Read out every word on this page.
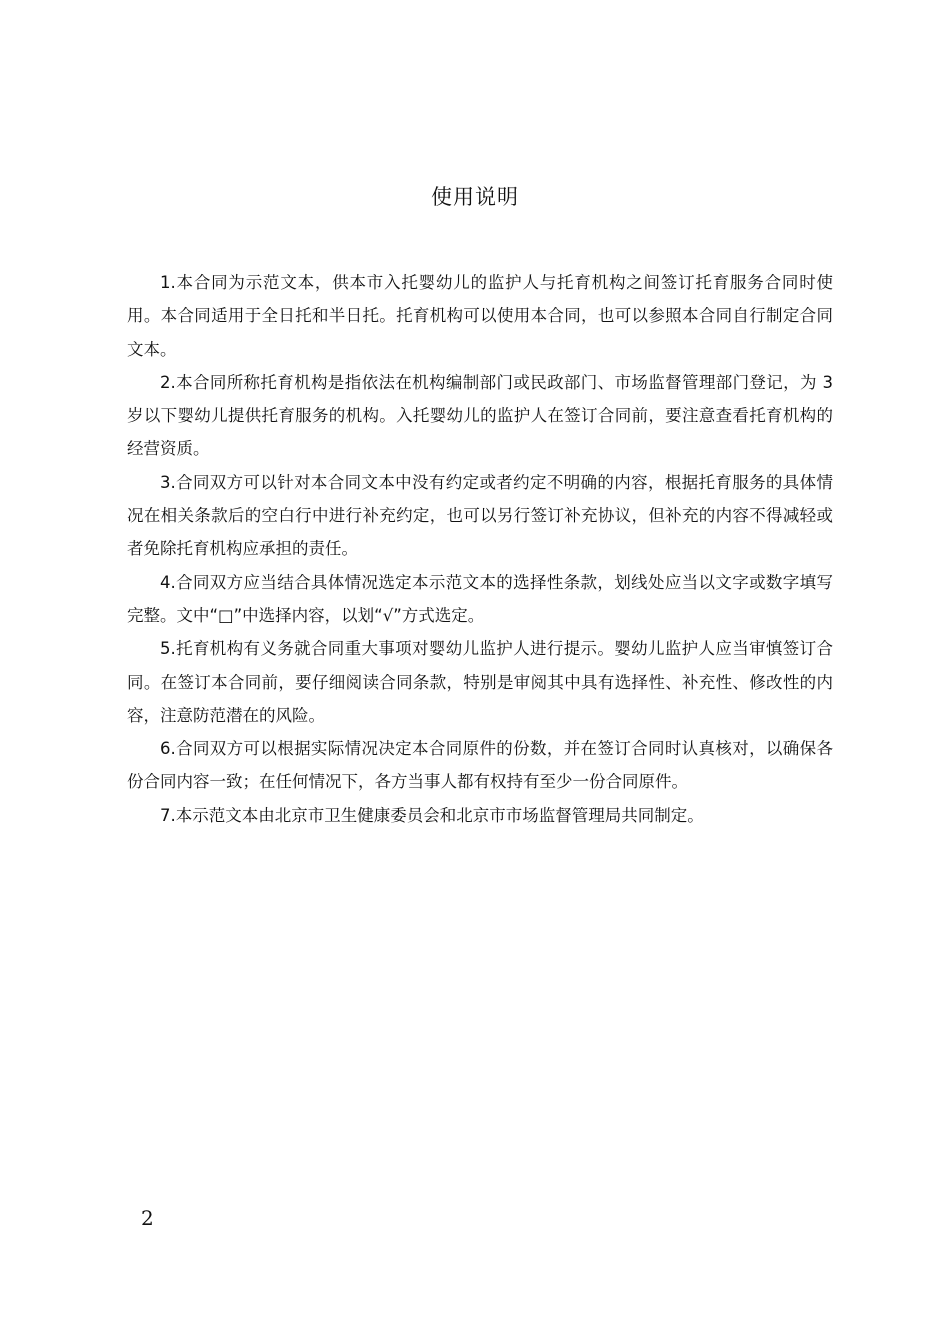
使用说明

1.本合同为示范文本，供本市入托婴幼儿的监护人与托育机构之间签订托育服务合同时使用。本合同适用于全日托和半日托。托育机构可以使用本合同，也可以参照本合同自行制定合同文本。

2.本合同所称托育机构是指依法在机构编制部门或民政部门、市场监督管理部门登记，为 3 岁以下婴幼儿提供托育服务的机构。入托婴幼儿的监护人在签订合同前，要注意查看托育机构的经营资质。

3.合同双方可以针对本合同文本中没有约定或者约定不明确的内容，根据托育服务的具体情况在相关条款后的空白行中进行补充约定，也可以另行签订补充协议，但补充的内容不得减轻或者免除托育机构应承担的责任。

4.合同双方应当结合具体情况选定本示范文本的选择性条款，划线处应当以文字或数字填写完整。文中“□”中选择内容，以划“√”方式选定。

5.托育机构有义务就合同重大事项对婴幼儿监护人进行提示。婴幼儿监护人应当审慎签订合同。在签订本合同前，要仔细阅读合同条款，特别是审阅其中具有选择性、补充性、修改性的内容，注意防范潜在的风险。

6.合同双方可以根据实际情况决定本合同原件的份数，并在签订合同时认真核对，以确保各份合同内容一致；在任何情况下，各方当事人都有权持有至少一份合同原件。

7.本示范文本由北京市卫生健康委员会和北京市市场监督管理局共同制定。

2
